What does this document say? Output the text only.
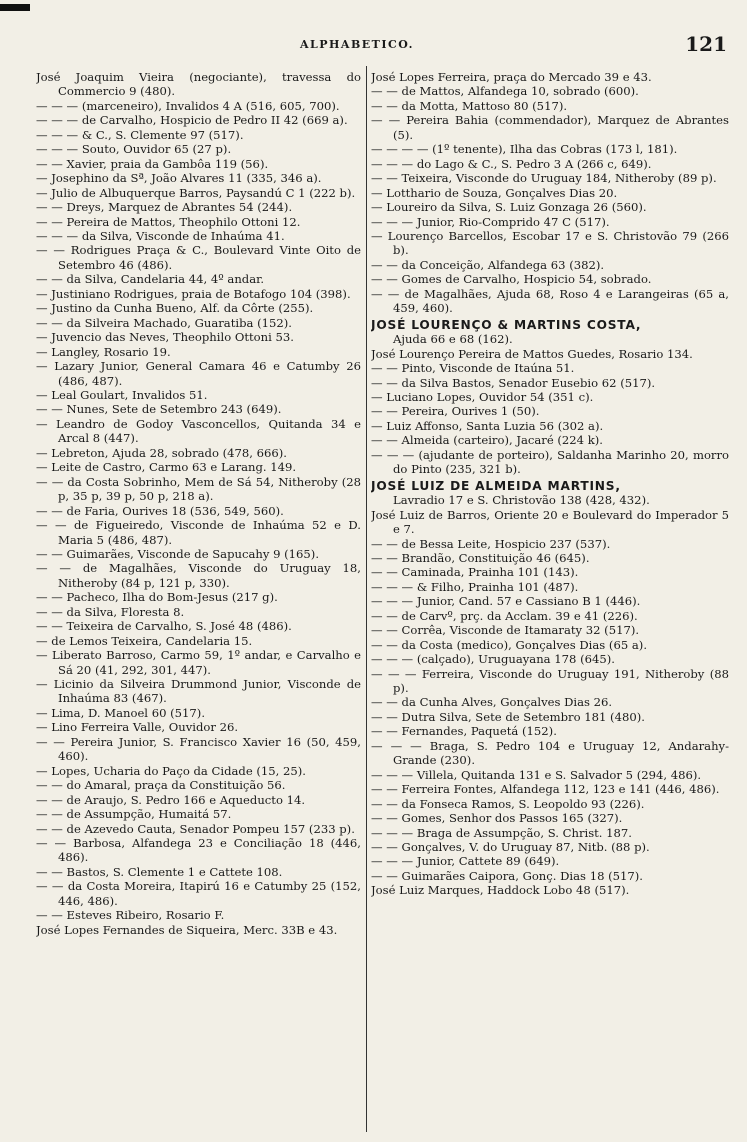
ALPHABETICO.	121

José Joaquim Vieira (negociante), travessa do Commercio 9 (480).

— — — (marceneiro), Invalidos 4 A (516, 605, 700).

— — — de Carvalho, Hospicio de Pedro II 42 (669 a).

— — — & C., S. Clemente 97 (517).

— — — Souto, Ouvidor 65 (27 p).

— — Xavier, praia da Gambôa 119 (56).

— Josephino da Sª, João Alvares 11 (335, 346 a).

— Julio de Albuquerque Barros, Paysandú C 1 (222 b).

— — Dreys, Marquez de Abrantes 54 (244).

— — Pereira de Mattos, Theophilo Ottoni 12.

— — — da Silva, Visconde de Inhaúma 41.

— — Rodrigues Praça & C., Boulevard Vinte Oito de Setembro 46 (486).

— — da Silva, Candelaria 44, 4º andar.

— Justiniano Rodrigues, praia de Botafogo 104 (398).

— Justino da Cunha Bueno, Alf. da Côrte (255).

— — da Silveira Machado, Guaratiba (152).

— Juvencio das Neves, Theophilo Ottoni 53.

— Langley, Rosario 19.

— Lazary Junior, General Camara 46 e Catumby 26 (486, 487).

— Leal Goulart, Invalidos 51.

— — Nunes, Sete de Setembro 243 (649).

— Leandro de Godoy Vasconcellos, Quitanda 34 e Arcal 8 (447).

— Lebreton, Ajuda 28, sobrado (478, 666).

— Leite de Castro, Carmo 63 e Larang. 149.

— — da Costa Sobrinho, Mem de Sá 54, Nitheroby (28 p, 35 p, 39 p, 50 p, 218 a).

— — de Faria, Ourives 18 (536, 549, 560).

— — de Figueiredo, Visconde de Inhaúma 52 e D. Maria 5 (486, 487).

— — Guimarães, Visconde de Sapucahy 9 (165).

— — de Magalhães, Visconde do Uruguay 18, Nitheroby (84 p, 121 p, 330).

— — Pacheco, Ilha do Bom-Jesus (217 g).

— — da Silva, Floresta 8.

— — Teixeira de Carvalho, S. José 48 (486).

— de Lemos Teixeira, Candelaria 15.

— Liberato Barroso, Carmo 59, 1º andar, e Carvalho e Sá 20 (41, 292, 301, 447).

— Licinio da Silveira Drummond Junior, Visconde de Inhaúma 83 (467).

— Lima, D. Manoel 60 (517).

— Lino Ferreira Valle, Ouvidor 26.

— — Pereira Junior, S. Francisco Xavier 16 (50, 459, 460).

— Lopes, Ucharia do Paço da Cidade (15, 25).

— — do Amaral, praça da Constituição 56.

— — de Araujo, S. Pedro 166 e Aqueducto 14.

— — de Assumpção, Humaitá 57.

— — de Azevedo Cauta, Senador Pompeu 157 (233 p).

— — Barbosa, Alfandega 23 e Conciliação 18 (446, 486).

— — Bastos, S. Clemente 1 e Cattete 108.

— — da Costa Moreira, Itapirú 16 e Catumby 25 (152, 446, 486).

— — Esteves Ribeiro, Rosario F.

José Lopes Fernandes de Siqueira, Merc. 33B e 43.

José Lopes Ferreira, praça do Mercado 39 e 43.

— — de Mattos, Alfandega 10, sobrado (600).

— — da Motta, Mattoso 80 (517).

— — Pereira Bahia (commendador), Marquez de Abrantes (5).

— — — — (1º tenente), Ilha das Cobras (173 l, 181).

— — — do Lago & C., S. Pedro 3 A (266 c, 649).

— — Teixeira, Visconde do Uruguay 184, Nitheroby (89 p).

— Lotthario de Souza, Gonçalves Dias 20.

— Loureiro da Silva, S. Luiz Gonzaga 26 (560).

— — — Junior, Rio-Comprido 47 C (517).

— Lourenço Barcellos, Escobar 17 e S. Christovão 79 (266 b).

— — da Conceição, Alfandega 63 (382).

— — Gomes de Carvalho, Hospicio 54, sobrado.

— — de Magalhães, Ajuda 68, Roso 4 e Larangeiras (65 a, 459, 460).

JOSÉ LOURENÇO & MARTINS COSTA,

Ajuda 66 e 68 (162).

José Lourenço Pereira de Mattos Guedes, Rosario 134.

— — Pinto, Visconde de Itaúna 51.

— — da Silva Bastos, Senador Eusebio 62 (517).

— Luciano Lopes, Ouvidor 54 (351 c).

— — Pereira, Ourives 1 (50).

— Luiz Affonso, Santa Luzia 56 (302 a).

— — Almeida (carteiro), Jacaré (224 k).

— — — (ajudante de porteiro), Saldanha Marinho 20, morro do Pinto (235, 321 b).

JOSÉ LUIZ DE ALMEIDA MARTINS,

Lavradio 17 e S. Christovão 138 (428, 432).

José Luiz de Barros, Oriente 20 e Boulevard do Imperador 5 e 7.

— — de Bessa Leite, Hospicio 237 (537).

— — Brandão, Constituição 46 (645).

— — Caminada, Prainha 101 (143).

— — — & Filho, Prainha 101 (487).

— — — Junior, Cand. 57 e Cassiano B 1 (446).

— — de Carvº, prç. da Acclam. 39 e 41 (226).

— — Corrêa, Visconde de Itamaraty 32 (517).

— — da Costa (medico), Gonçalves Dias (65 a).

— — — (calçado), Uruguayana 178 (645).

— — — Ferreira, Visconde do Uruguay 191, Nitheroby (88 p).

— — da Cunha Alves, Gonçalves Dias 26.

— — Dutra Silva, Sete de Setembro 181 (480).

— — Fernandes, Paquetá (152).

— — — Braga, S. Pedro 104 e Uruguay 12, Andarahy-Grande (230).

— — — Villela, Quitanda 131 e S. Salvador 5 (294, 486).

— — Ferreira Fontes, Alfandega 112, 123 e 141 (446, 486).

— — da Fonseca Ramos, S. Leopoldo 93 (226).

— — Gomes, Senhor dos Passos 165 (327).

— — — Braga de Assumpção, S. Christ. 187.

— — Gonçalves, V. do Uruguay 87, Nitb. (88 p).

— — — Junior, Cattete 89 (649).

— — Guimarães Caipora, Gonç. Dias 18 (517).

José Luiz Marques, Haddock Lobo 48 (517).
